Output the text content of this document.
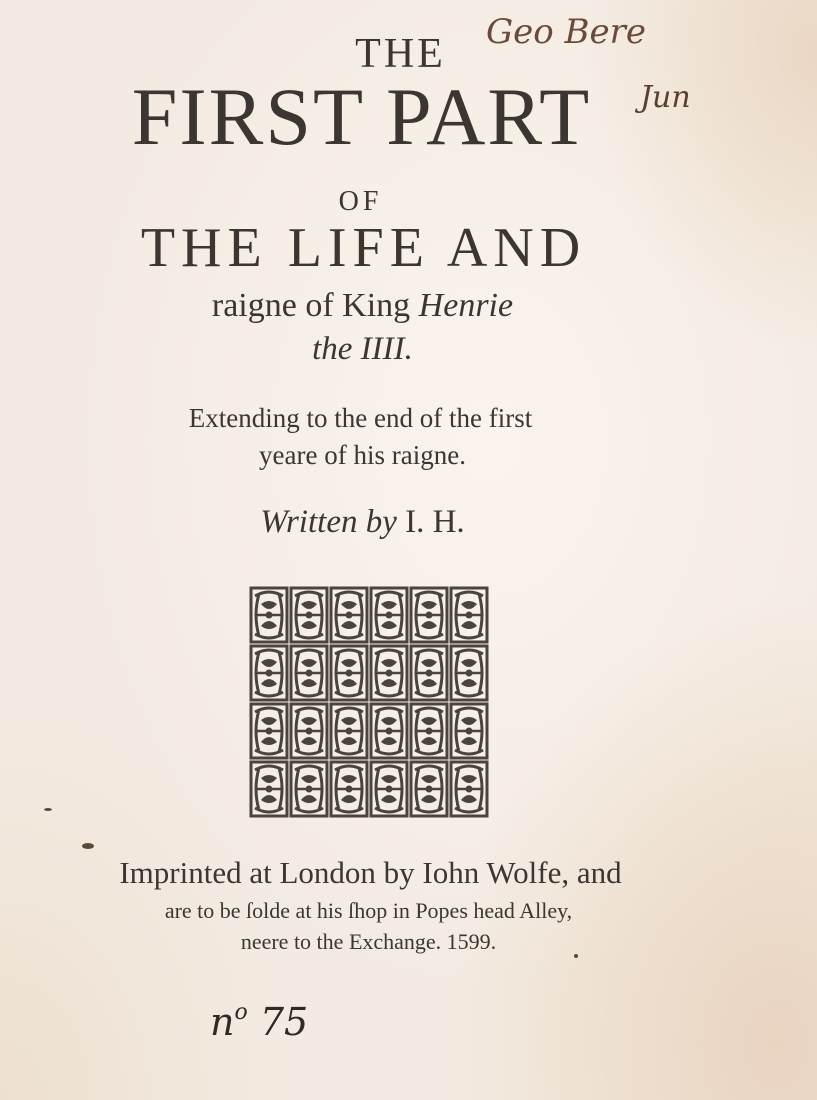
Geo Bere
Jun
THE
FIRST PART
OF
THE LIFE AND
raigne of King Henrie
the IIII.
Extending to the end of the first
yeare of his raigne.
Written by I. H.
Imprinted at London by Iohn Wolfe, and
are to be ſolde at his ſhop in Popes head Alley,
neere to the Exchange. 1599.
$n^o$ 75
